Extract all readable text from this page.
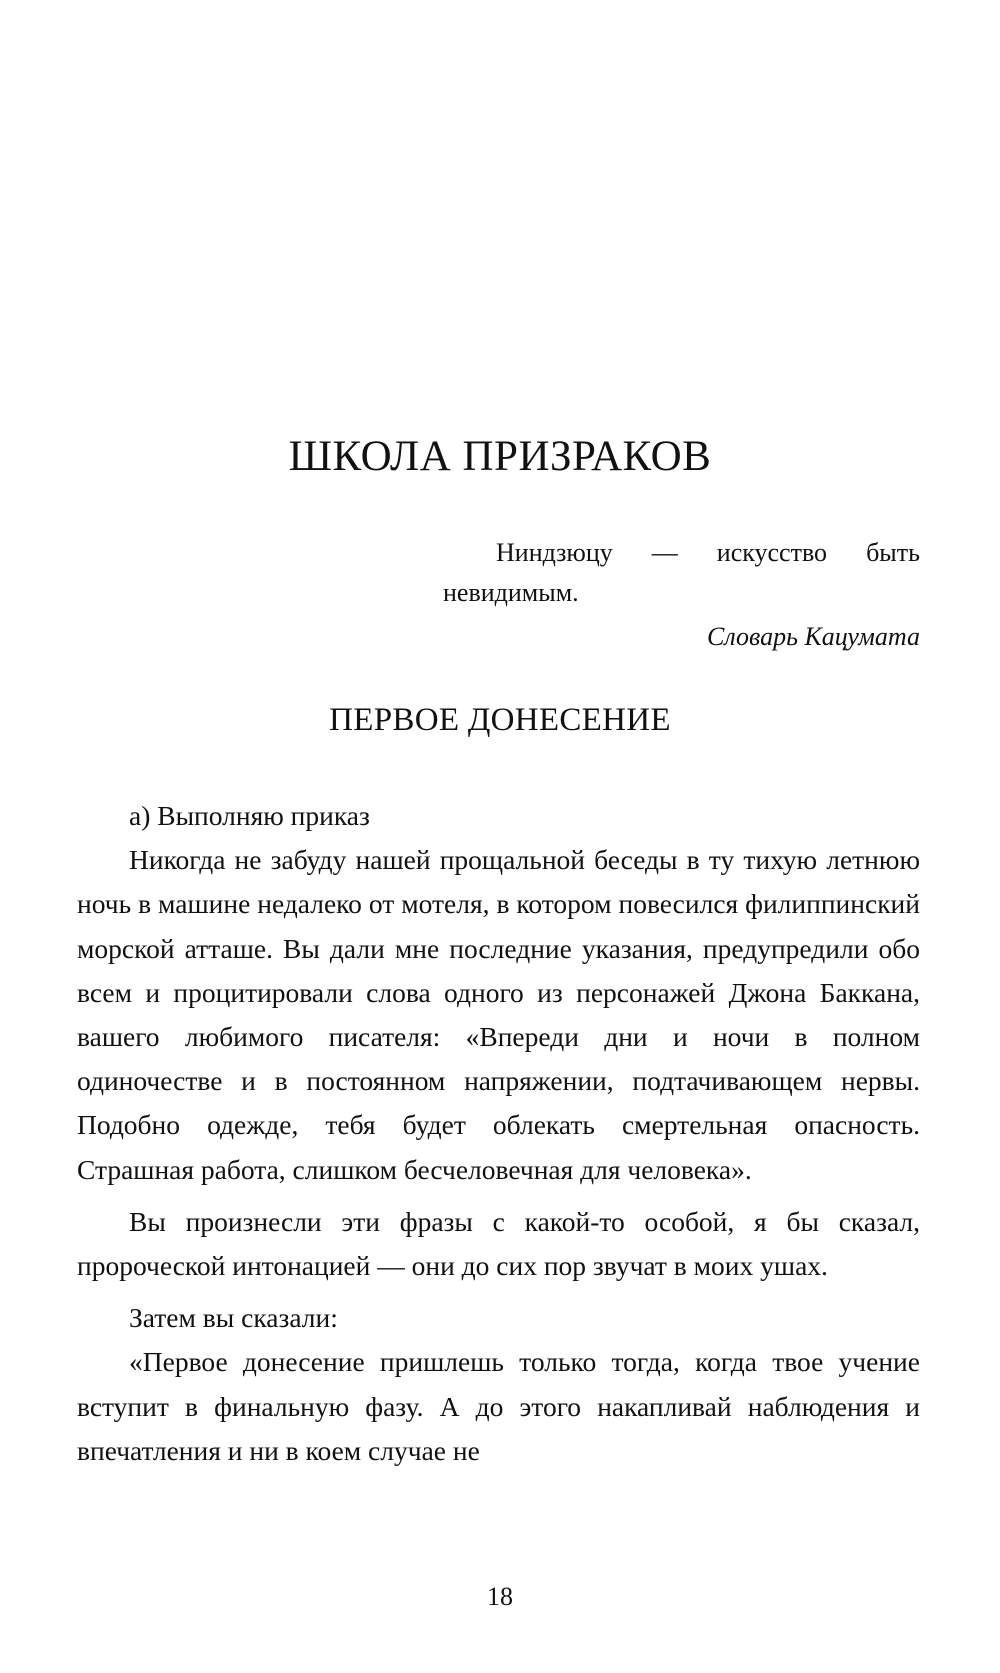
ШКОЛА ПРИЗРАКОВ

Ниндзюцу — искусство быть невидимым.

Словарь Кацумата

ПЕРВОЕ ДОНЕСЕНИЕ

а) Выполняю приказ

Никогда не забуду нашей прощальной беседы в ту тихую летнюю ночь в машине недалеко от мотеля, в котором повесился филиппинский морской атташе. Вы дали мне последние указания, предупредили обо всем и процитировали слова одного из персонажей Джона Баккана, вашего любимого писателя: «Впереди дни и ночи в полном одиночестве и в постоянном напряжении, подтачивающем нервы. Подобно одежде, тебя будет облекать смертельная опасность. Страшная работа, слишком бесчеловечная для человека».

Вы произнесли эти фразы с какой-то особой, я бы сказал, пророческой интонацией — они до сих пор звучат в моих ушах.

Затем вы сказали:

«Первое донесение пришлешь только тогда, когда твое учение вступит в финальную фазу. А до этого накапливай наблюдения и впечатления и ни в коем случае не

18
